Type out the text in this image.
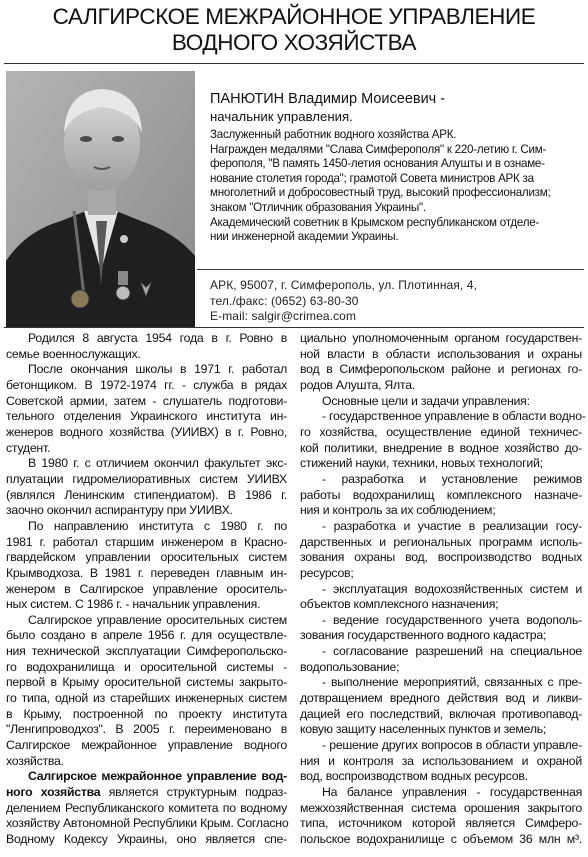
САЛГИРСКОЕ МЕЖРАЙОННОЕ УПРАВЛЕНИЕ
ВОДНОГО ХОЗЯЙСТВА

ПАНЮТИН Владимир Моисеевич -

начальник управления.

Заслуженный работник водного хозяйства АРК.

Награжден медалями "Слава Симферополя" к 220-летию г. Сим-

ферополя, "В память 1450-летия основания Алушты и в ознаме-

нование столетия города"; грамотой Совета министров АРК за

многолетний и добросовестный труд, высокий профессионализм;

знаком "Отличник образования Украины".

Академический советник в Крымском республиканском отделе-

нии инженерной академии Украины.

АРК, 95007, г. Симферополь, ул. Плотинная, 4,
тел./факс: (0652) 63-80-30
E-mail: salgir@crimea.com
Родился 8 августа 1954 года в г. Ровно в
семье военнослужащих.
После окончания школы в 1971 г. работал
бетонщиком. В 1972-1974 гг. - служба в рядах
Советской армии, затем - слушатель подготови-
тельного отделения Украинского института ин-
женеров водного хозяйства (УИИВХ) в г. Ровно,
студент.
В 1980 г. с отличием окончил факультет экс-
плуатации гидромелиоративных систем УИИВХ
(являлся Ленинским стипендиатом). В 1986 г.
заочно окончил аспирантуру при УИИВХ.
По направлению института с 1980 г. по
1981 г. работал старшим инженером в Красно-
гвардейском управлении оросительных систем
Крымводхоза. В 1981 г. переведен главным ин-
женером в Салгирское управление ороситель-
ных систем. С 1986 г. - начальник управления.
Салгирское управление оросительных систем
было создано в апреле 1956 г. для осуществле-
ния технической эксплуатации Симферопольско-
го водохранилища и оросительной системы -
первой в Крыму оросительной системы закрыто-
го типа, одной из старейших инженерных систем
в Крыму, построенной по проекту института
"Ленгипроводхоз". В 2005 г. переименовано в
Салгирское межрайонное управление водного
хозяйства.
Салгирское межрайонное управление вод-
ного хозяйства является структурным подраз-
делением Республиканского комитета по водному
хозяйству Автономной Республики Крым. Согласно
Водному Кодексу Украины, оно является спе-
циально уполномоченным органом государствен-
ной власти в области использования и охраны
вод в Симферопольском районе и регионах го-
родов Алушта, Ялта.
Основные цели и задачи управления:
- государственное управление в области водно-
го хозяйства, осуществление единой техничес-
кой политики, внедрение в водное хозяйство до-
стижений науки, техники, новых технологий;
- разработка и установление режимов
работы водохранилищ комплексного назначе-
ния и контроль за их соблюдением;
- разработка и участие в реализации госу-
дарственных и региональных программ исполь-
зования охраны вод, воспроизводство водных
ресурсов;
- эксплуатация водохозяйственных систем и
объектов комплексного назначения;
- ведение государственного учета водополь-
зования государственного водного кадастра;
- согласование разрешений на специальное
водопользование;
- выполнение мероприятий, связанных с пре-
дотвращением вредного действия вод и ликви-
дацией его последствий, включая противопавод-
ковую защиту населенных пунктов и земель;
- решение других вопросов в области управле-
ния и контроля за использованием и охраной
вод, воспроизводством водных ресурсов.
На балансе управления - государственная
межхозяйственная система орошения закрытого
типа, источником которой является Симферо-
польское водохранилище с объемом 36 млн м³.
